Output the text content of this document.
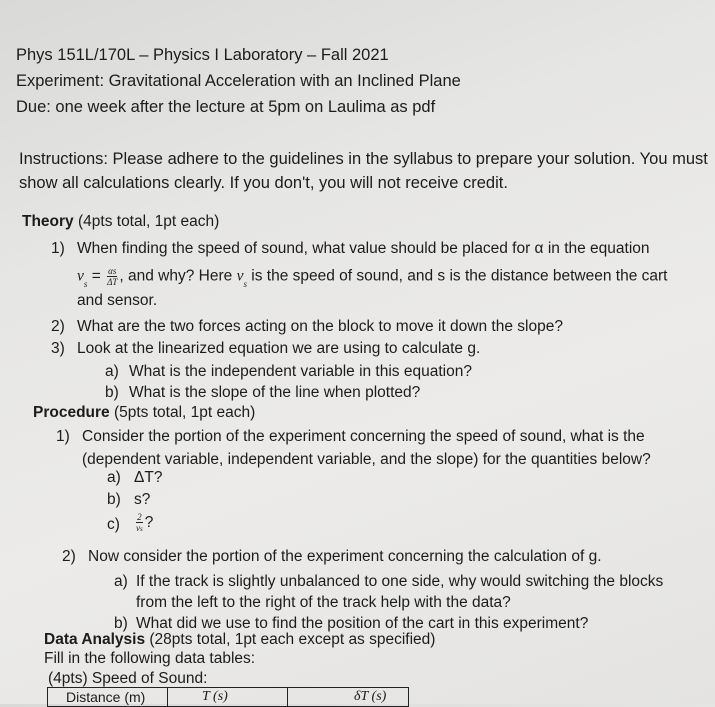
Phys 151L/170L – Physics I Laboratory – Fall 2021
Experiment: Gravitational Acceleration with an Inclined Plane
Due: one week after the lecture at 5pm on Laulima as pdf
Instructions: Please adhere to the guidelines in the syllabus to prepare your solution. You must
show all calculations clearly. If you don't, you will not receive credit.
Theory (4pts total, 1pt each)
1) When finding the speed of sound, what value should be placed for α in the equation
$v_s = \frac{\alpha s}{\Delta T}$ , and why? Here $v_s$ is the speed of sound, and s is the distance between the cart
and sensor.
2) What are the two forces acting on the block to move it down the slope?
3) Look at the linearized equation we are using to calculate g.
a) What is the independent variable in this equation?
b) What is the slope of the line when plotted?
Procedure (5pts total, 1pt each)
1) Consider the portion of the experiment concerning the speed of sound, what is the
(dependent variable, independent variable, and the slope) for the quantities below?
a) ΔT?
b) s?
$c) \frac{2}{vs}$ ?
2) Now consider the portion of the experiment concerning the calculation of g.
a) If the track is slightly unbalanced to one side, why would switching the blocks
from the left to the right of the track help with the data?
b) What did we use to find the position of the cart in this experiment?
Data Analysis (28pts total, 1pt each except as specified)
Fill in the following data tables:
(4pts) Speed of Sound:
Distance (m)	T (s)	δT (s)
